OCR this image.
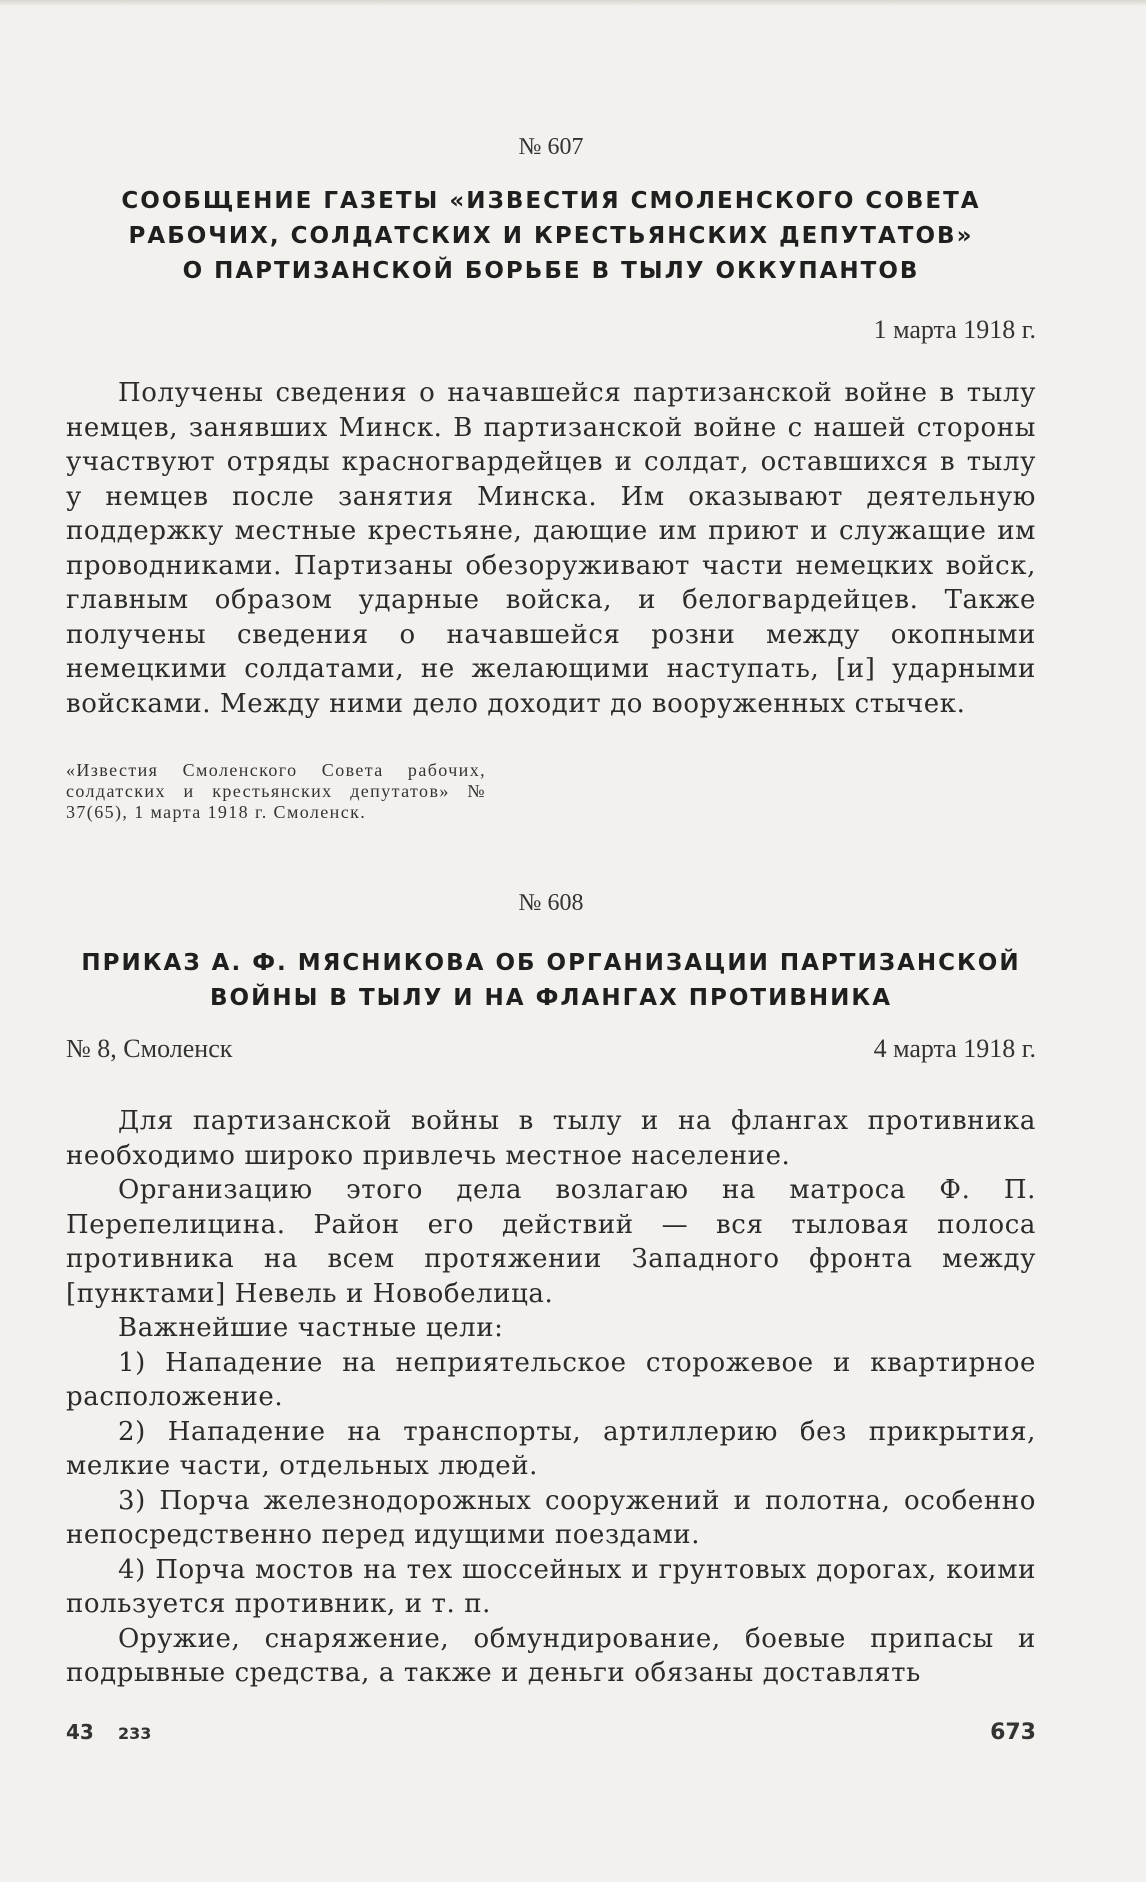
№ 607
СООБЩЕНИЕ ГАЗЕТЫ «ИЗВЕСТИЯ СМОЛЕНСКОГО СОВЕТА
РАБОЧИХ, СОЛДАТСКИХ И КРЕСТЬЯНСКИХ ДЕПУТАТОВ»
О ПАРТИЗАНСКОЙ БОРЬБЕ В ТЫЛУ ОККУПАНТОВ
1 марта 1918 г.

Получены сведения о начавшейся партизанской войне в тылу немцев, занявших Минск. В партизанской войне с нашей стороны участвуют отряды красногвардейцев и солдат, оставшихся в тылу у немцев после занятия Минска. Им оказывают деятельную поддержку местные крестьяне, дающие им приют и служащие им проводниками. Партизаны обезоруживают части немецких войск, главным образом ударные войска, и белогвардейцев. Также получены сведения о начавшейся розни между окопными немецкими солдатами, не желающими наступать, [и] ударными войсками. Между ними дело доходит до вооруженных стычек.

«Известия Смоленского Совета рабочих, солдатских и крестьянских депутатов» № 37(65), 1 марта 1918 г. Смоленск.
№ 608
ПРИКАЗ А. Ф. МЯСНИКОВА ОБ ОРГАНИЗАЦИИ ПАРТИЗАНСКОЙ
ВОЙНЫ В ТЫЛУ И НА ФЛАНГАХ ПРОТИВНИКА
№ 8, Смоленск	4 марта 1918 г.

Для партизанской войны в тылу и на флангах противника необходимо широко привлечь местное население.

Организацию этого дела возлагаю на матроса Ф. П. Перепелицина. Район его действий — вся тыловая полоса противника на всем протяжении Западного фронта между [пунктами] Невель и Новобелица.

Важнейшие частные цели:

1) Нападение на неприятельское сторожевое и квартирное расположение.

2) Нападение на транспорты, артиллерию без прикрытия, мелкие части, отдельных людей.

3) Порча железнодорожных сооружений и полотна, особенно непосредственно перед идущими поездами.

4) Порча мостов на тех шоссейных и грунтовых дорогах, коими пользуется противник, и т. п.

Оружие, снаряжение, обмундирование, боевые припасы и подрывные средства, а также и деньги обязаны доставлять

43 233	673
